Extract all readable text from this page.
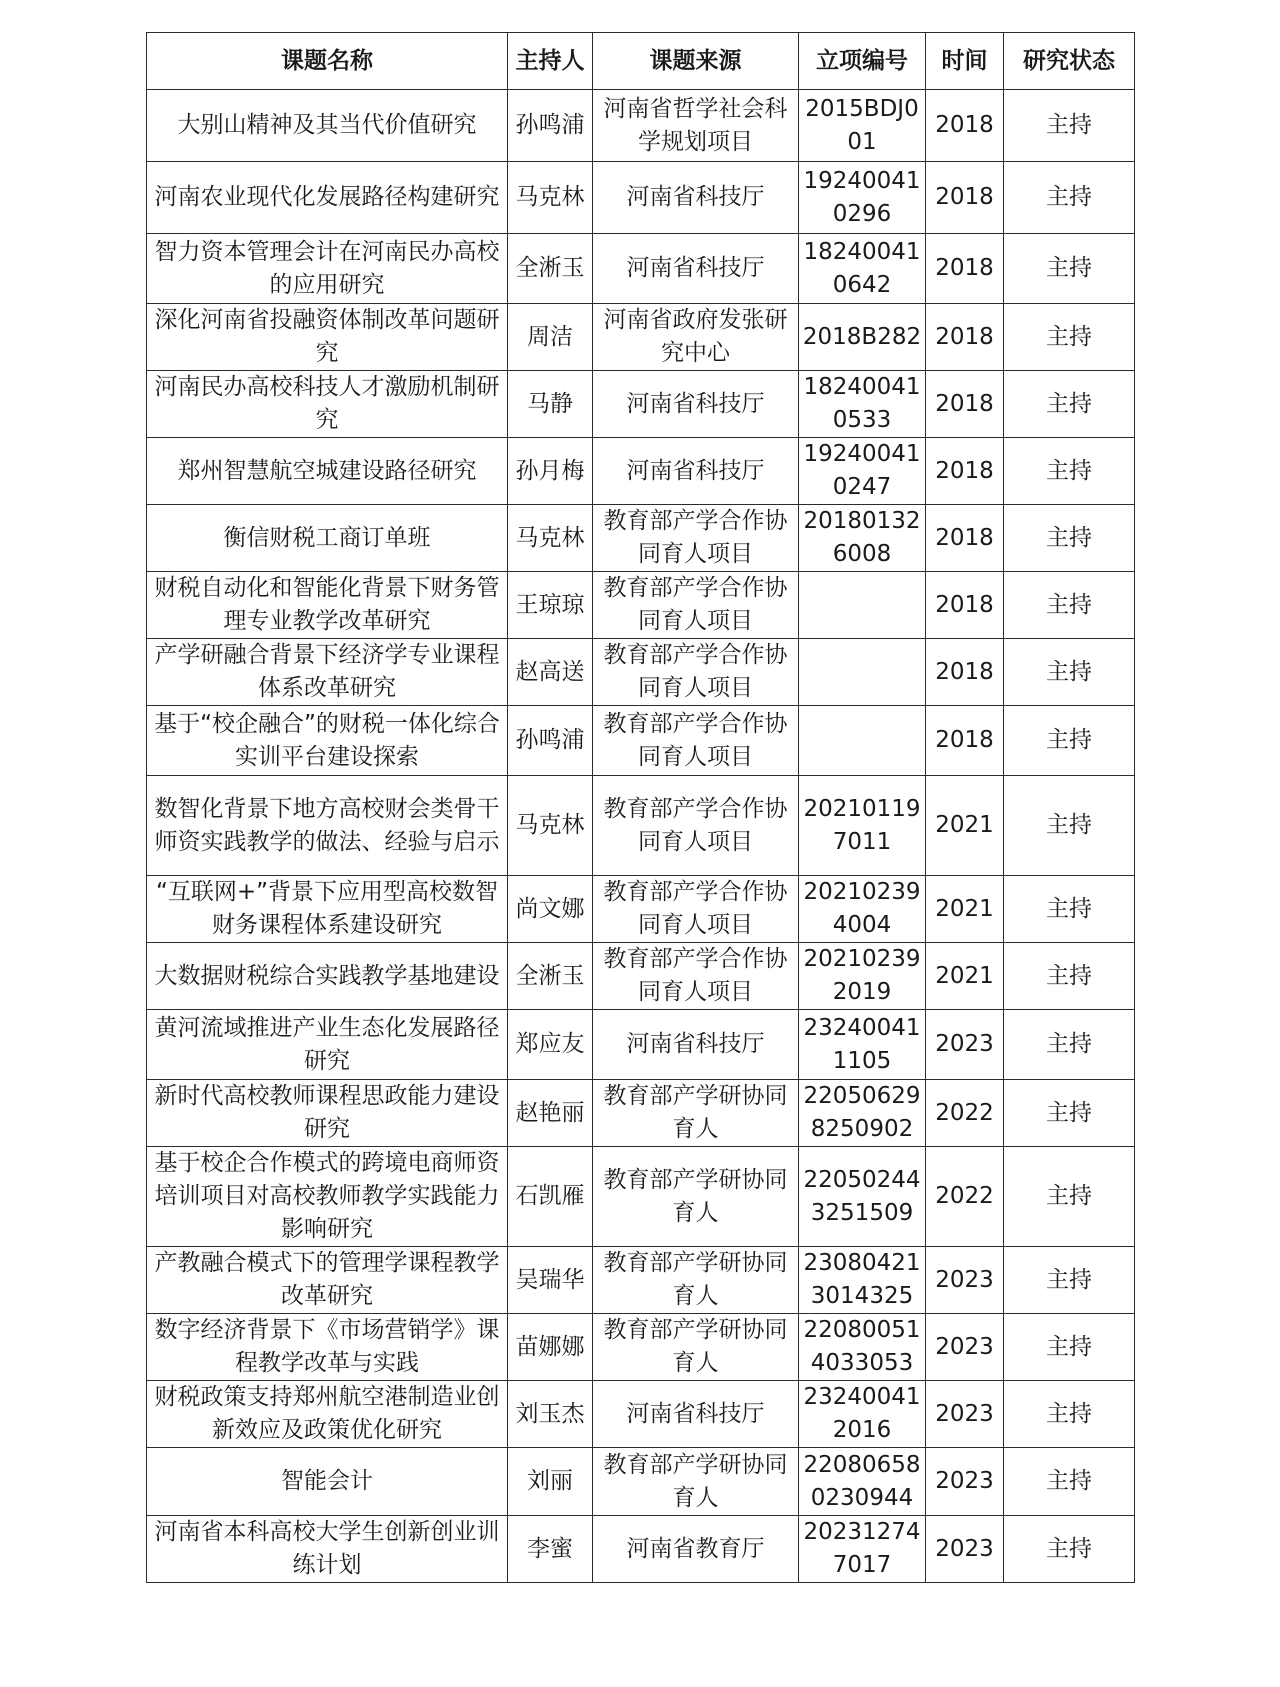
课题名称	主持人	课题来源	立项编号	时间	研究状态
大别山精神及其当代价值研究	孙鸣浦	河南省哲学社会科学规划项目	2015BDJ001	2018	主持
河南农业现代化发展路径构建研究	马克林	河南省科技厅	192400410296	2018	主持
智力资本管理会计在河南民办高校的应用研究	全淅玉	河南省科技厅	182400410642	2018	主持
深化河南省投融资体制改革问题研究	周洁	河南省政府发张研究中心	2018B282	2018	主持
河南民办高校科技人才激励机制研究	马静	河南省科技厅	182400410533	2018	主持
郑州智慧航空城建设路径研究	孙月梅	河南省科技厅	192400410247	2018	主持
衡信财税工商订单班	马克林	教育部产学合作协同育人项目	201801326008	2018	主持
财税自动化和智能化背景下财务管理专业教学改革研究	王琼琼	教育部产学合作协同育人项目		2018	主持
产学研融合背景下经济学专业课程体系改革研究	赵高送	教育部产学合作协同育人项目		2018	主持
基于“校企融合”的财税一体化综合实训平台建设探索	孙鸣浦	教育部产学合作协同育人项目		2018	主持
数智化背景下地方高校财会类骨干师资实践教学的做法、经验与启示	马克林	教育部产学合作协同育人项目	202101197011	2021	主持
“互联网+”背景下应用型高校数智财务课程体系建设研究	尚文娜	教育部产学合作协同育人项目	202102394004	2021	主持
大数据财税综合实践教学基地建设	全淅玉	教育部产学合作协同育人项目	202102392019	2021	主持
黄河流域推进产业生态化发展路径研究	郑应友	河南省科技厅	232400411105	2023	主持
新时代高校教师课程思政能力建设研究	赵艳丽	教育部产学研协同育人	220506298250902	2022	主持
基于校企合作模式的跨境电商师资培训项目对高校教师教学实践能力影响研究	石凯雁	教育部产学研协同育人	220502443251509	2022	主持
产教融合模式下的管理学课程教学改革研究	吴瑞华	教育部产学研协同育人	230804213014325	2023	主持
数字经济背景下《市场营销学》课程教学改革与实践	苗娜娜	教育部产学研协同育人	220800514033053	2023	主持
财税政策支持郑州航空港制造业创新效应及政策优化研究	刘玉杰	河南省科技厅	232400412016	2023	主持
智能会计	刘丽	教育部产学研协同育人	220806580230944	2023	主持
河南省本科高校大学生创新创业训练计划	李蜜	河南省教育厅	202312747017	2023	主持
